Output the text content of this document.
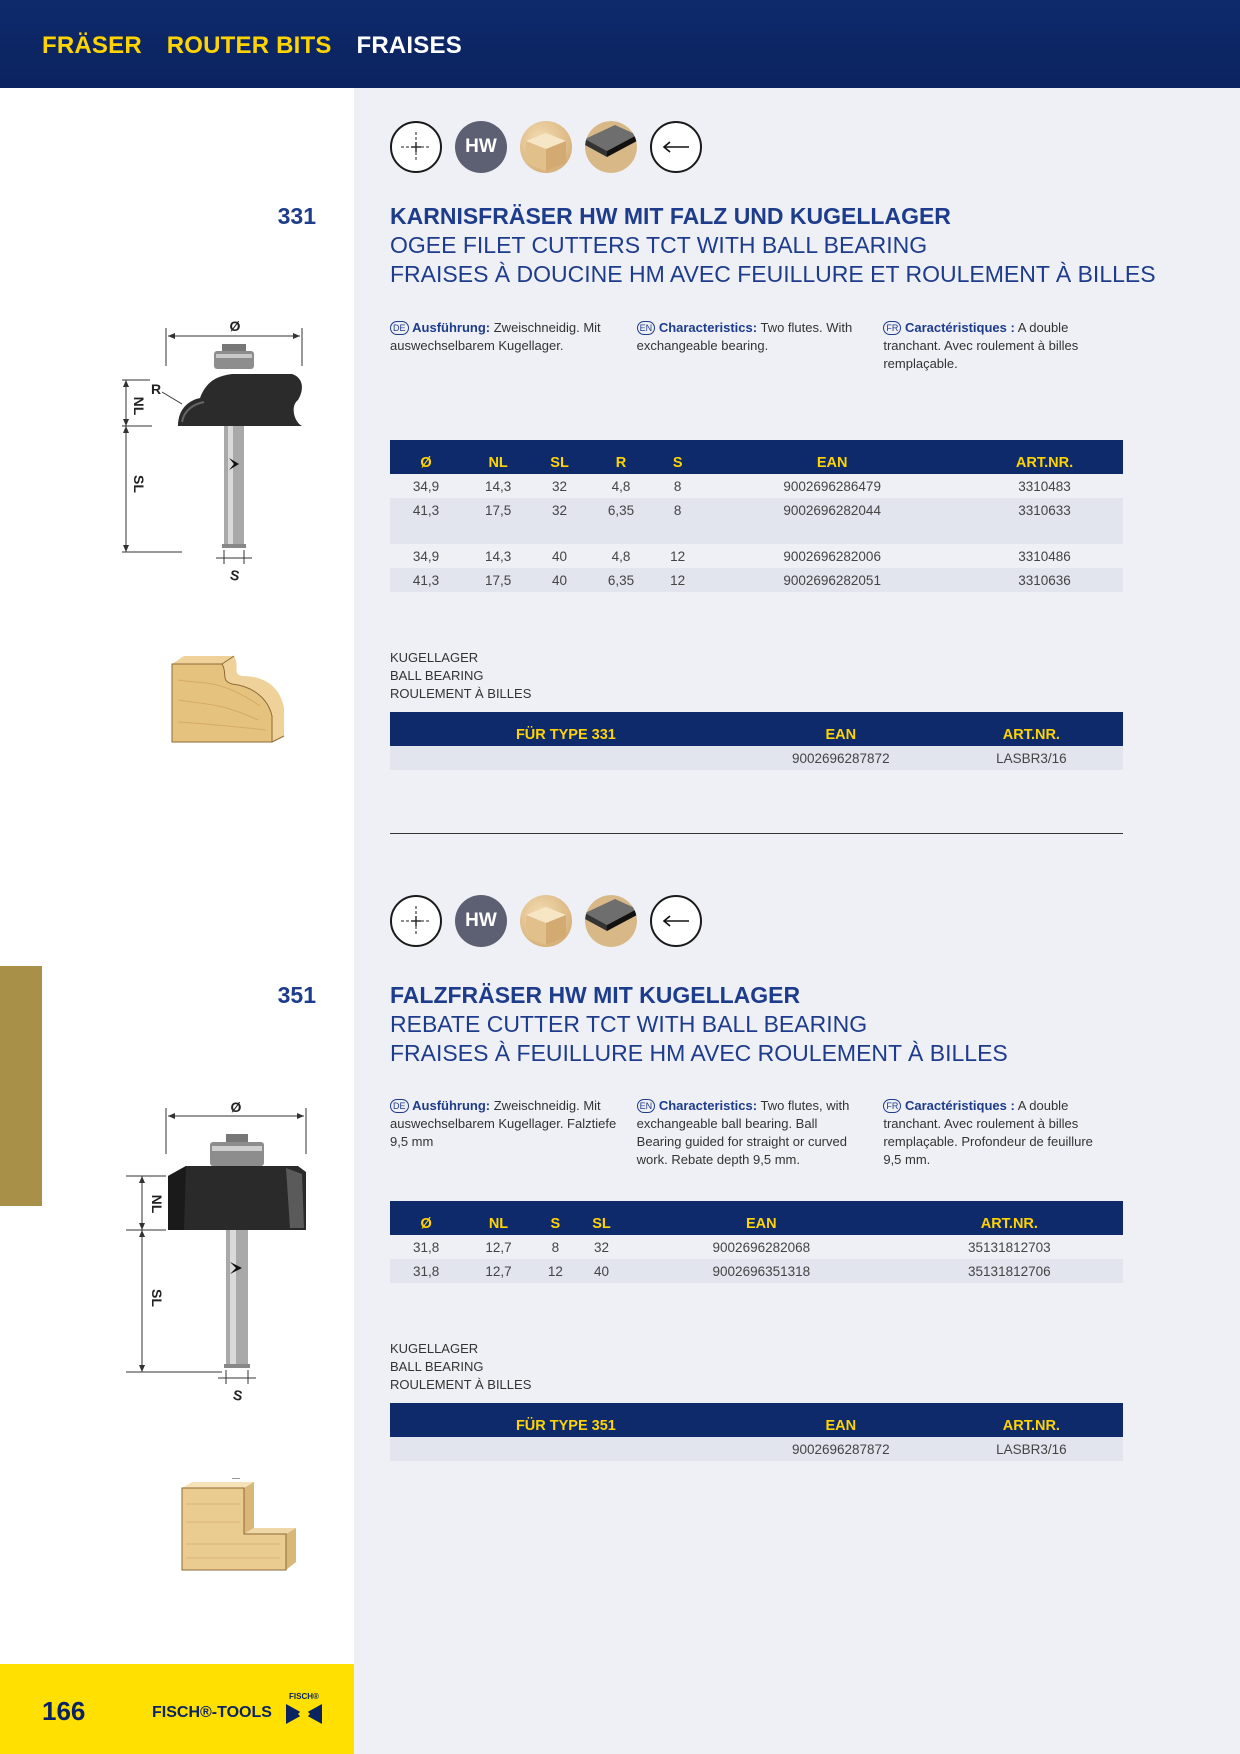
FRÄSER ROUTER BITS FRAISES
HW
331	KARNISFRÄSER HW MIT FALZ UND KUGELLAGER
OGEE FILET CUTTERS TCT WITH BALL BEARING
FRAISES À DOUCINE HM AVEC FEUILLURE ET ROULEMENT À BILLES
DE Ausführung: Zweischneidig. Mit auswechselbarem Kugellager.
EN Characteristics: Two flutes. With exchangeable bearing.
FR Caractéristiques : A double tranchant. Avec roulement à billes remplaçable.
Ø
NL
SL
R
S
Ø	NL	SL	R	S	EAN	ART.NR.
34,9	14,3	32	4,8	8	9002696286479	3310483
41,3	17,5	32	6,35	8	9002696282044	3310633

34,9	14,3	40	4,8	12	9002696282006	3310486
41,3	17,5	40	6,35	12	9002696282051	3310636
KUGELLAGER
BALL BEARING
ROULEMENT À BILLES
FÜR TYPE 331	EAN	ART.NR.
	9002696287872	LASBR3/16
HW
351	FALZFRÄSER HW MIT KUGELLAGER
REBATE CUTTER TCT WITH BALL BEARING
FRAISES À FEUILLURE HM AVEC ROULEMENT À BILLES
DE Ausführung: Zweischneidig. Mit auswechselbarem Kugellager. Falztiefe 9,5 mm
EN Characteristics: Two flutes, with exchangeable ball bearing. Ball Bearing guided for straight or curved work. Rebate depth 9,5 mm.
FR Caractéristiques : A double tranchant. Avec roulement à billes remplaçable. Profondeur de feuillure 9,5 mm.
Ø
NL
SL
S
Ø	NL	S	SL	EAN	ART.NR.
31,8	12,7	8	32	9002696282068	35131812703
31,8	12,7	12	40	9002696351318	35131812706
KUGELLAGER
BALL BEARING
ROULEMENT À BILLES
FÜR TYPE 351	EAN	ART.NR.
	9002696287872	LASBR3/16
166	FISCH®-TOOLS
FISCH®
